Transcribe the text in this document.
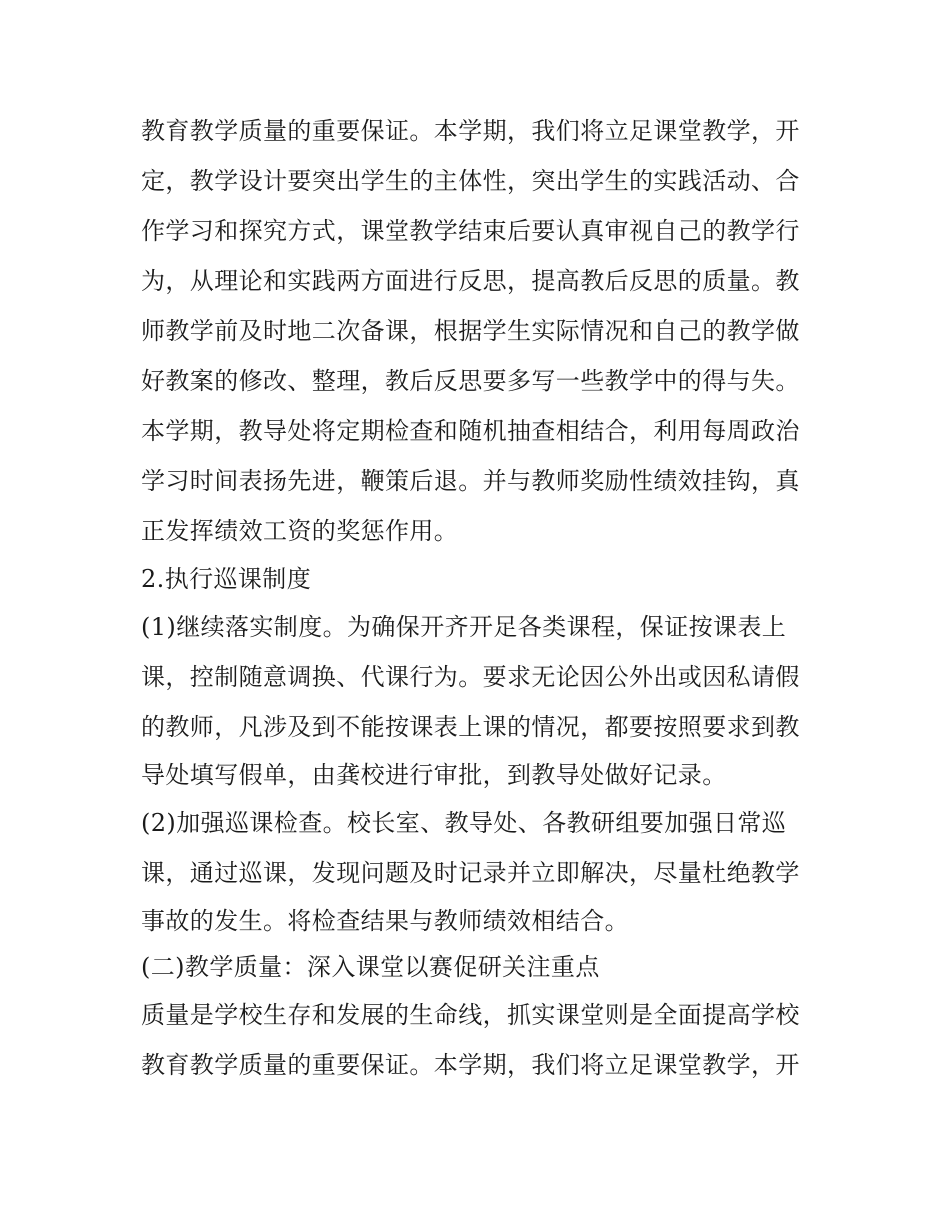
教育教学质量的重要保证。本学期，我们将立足课堂教学，开
定，教学设计要突出学生的主体性，突出学生的实践活动、合
作学习和探究方式，课堂教学结束后要认真审视自己的教学行
为，从理论和实践两方面进行反思，提高教后反思的质量。教
师教学前及时地二次备课，根据学生实际情况和自己的教学做
好教案的修改、整理，教后反思要多写一些教学中的得与失。
本学期，教导处将定期检查和随机抽查相结合，利用每周政治
学习时间表扬先进，鞭策后退。并与教师奖励性绩效挂钩，真
正发挥绩效工资的奖惩作用。
2.执行巡课制度
(1)继续落实制度。为确保开齐开足各类课程，保证按课表上
课，控制随意调换、代课行为。要求无论因公外出或因私请假
的教师，凡涉及到不能按课表上课的情况，都要按照要求到教
导处填写假单，由龚校进行审批，到教导处做好记录。
(2)加强巡课检查。校长室、教导处、各教研组要加强日常巡
课，通过巡课，发现问题及时记录并立即解决，尽量杜绝教学
事故的发生。将检查结果与教师绩效相结合。
(二)教学质量：深入课堂以赛促研关注重点
质量是学校生存和发展的生命线，抓实课堂则是全面提高学校
教育教学质量的重要保证。本学期，我们将立足课堂教学，开
